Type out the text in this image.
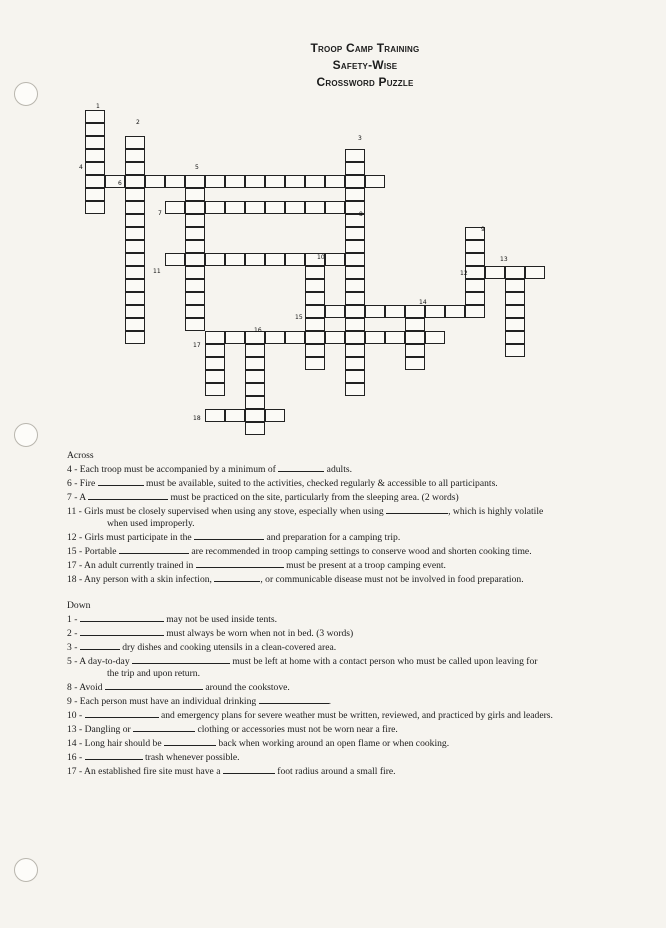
Troop Camp Training
Safety-Wise
Crossword Puzzle
1
2
3
4	5
6
7	8
9
10
11	12
13
14
15
16
17
18
Across
4 - Each troop must be accompanied by a minimum of	adults.
6 - Fire	must be available, suited to the activities, checked regularly & accessible to all participants.
7 - A	must be practiced on the site, particularly from the sleeping area. (2 words)
11 - Girls must be closely supervised when using any stove, especially when using	, which is highly volatile
when used improperly.
12 - Girls must participate in the	and preparation for a camping trip.
15 - Portable	are recommended in troop camping settings to conserve wood and shorten cooking time.
17 - An adult currently trained in	must be present at a troop camping event.
18 - Any person with a skin infection,	, or communicable disease must not be involved in food preparation.
Down
1 -	may not be used inside tents.
2 -	must always be worn when not in bed. (3 words)
3 -	dry dishes and cooking utensils in a clean-covered area.
5 - A day-to-day	must be left at home with a contact person who must be called upon leaving for
the trip and upon return.
8 - Avoid	around the cookstove.
9 - Each person must have an individual drinking	.
10 -	and emergency plans for severe weather must be written, reviewed, and practiced by girls and leaders.
13 - Dangling or	clothing or accessories must not be worn near a fire.
14 - Long hair should be	back when working around an open flame or when cooking.
16 -	trash whenever possible.
17 - An established fire site must have a	foot radius around a small fire.
